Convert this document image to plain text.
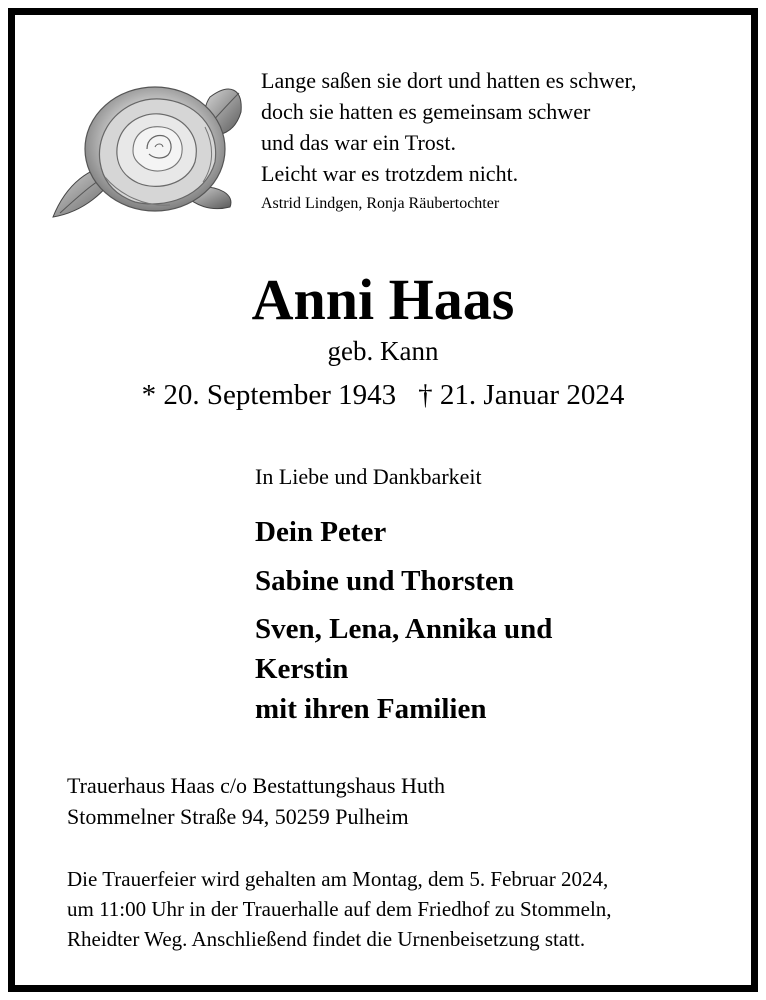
Lange saßen sie dort und hatten es schwer,
doch sie hatten es gemeinsam schwer
und das war ein Trost.
Leicht war es trotzdem nicht.
Astrid Lindgen, Ronja Räubertochter
Anni Haas
geb. Kann
* 20. September 1943 † 21. Januar 2024
In Liebe und Dankbarkeit
Dein Peter
Sabine und Thorsten
Sven, Lena, Annika und
Kerstin
mit ihren Familien
Trauerhaus Haas c/o Bestattungshaus Huth
Stommelner Straße 94, 50259 Pulheim
Die Trauerfeier wird gehalten am Montag, dem 5. Februar 2024,
um 11:00 Uhr in der Trauerhalle auf dem Friedhof zu Stommeln,
Rheidter Weg. Anschließend findet die Urnenbeisetzung statt.
